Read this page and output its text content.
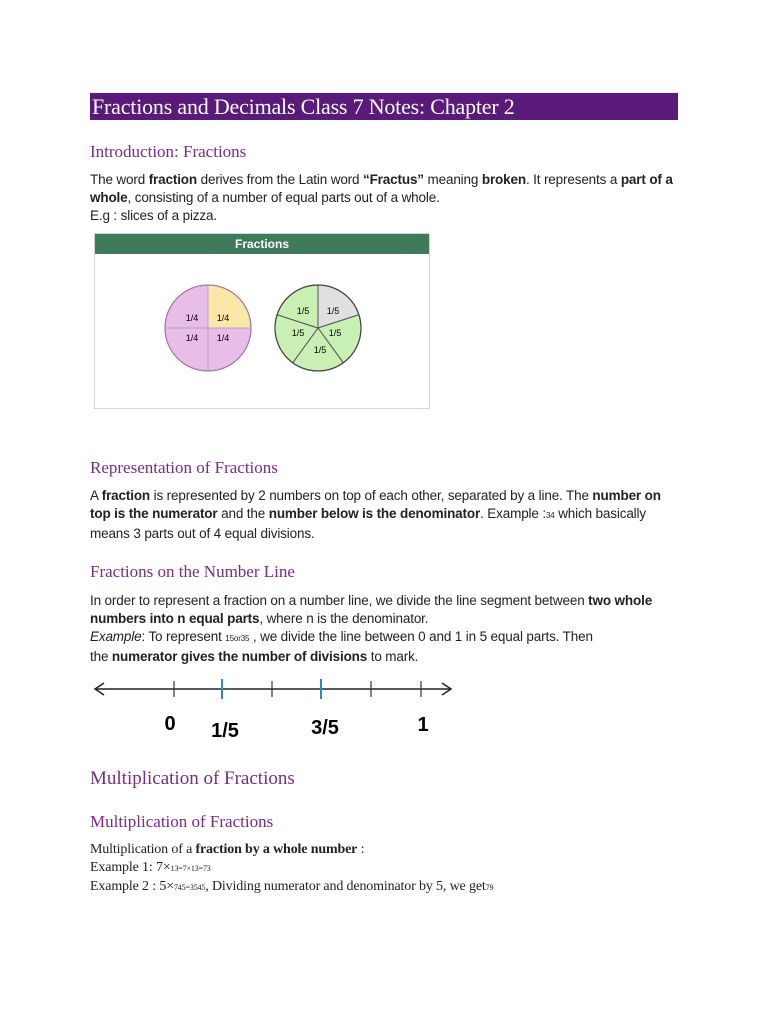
Fractions and Decimals Class 7 Notes: Chapter 2
Introduction: Fractions
The word fraction derives from the Latin word “Fractus” meaning broken. It represents a part of a whole, consisting of a number of equal parts out of a whole.
E.g : slices of a pizza.
Fractions
1/4 1/4
1/4 1/4
1/5
1/5
1/5
1/5
1/5
Representation of Fractions
A fraction is represented by 2 numbers on top of each other, separated by a line. The number on top is the numerator and the number below is the denominator. Example :34 which basically means 3 parts out of 4 equal divisions.
Fractions on the Number Line
In order to represent a fraction on a number line, we divide the line segment between two whole numbers into n equal parts, where n is the denominator.
Example: To represent 15or35 , we divide the line between 0 and 1 in 5 equal parts. Then
the numerator gives the number of divisions to mark.
0 1/5	3/5	1
Multiplication of Fractions
Multiplication of Fractions
Multiplication of a fraction by a whole number :
Example 1: 7×13=7×13=73
Example 2 : 5×745=3545, Dividing numerator and denominator by 5, we get79
